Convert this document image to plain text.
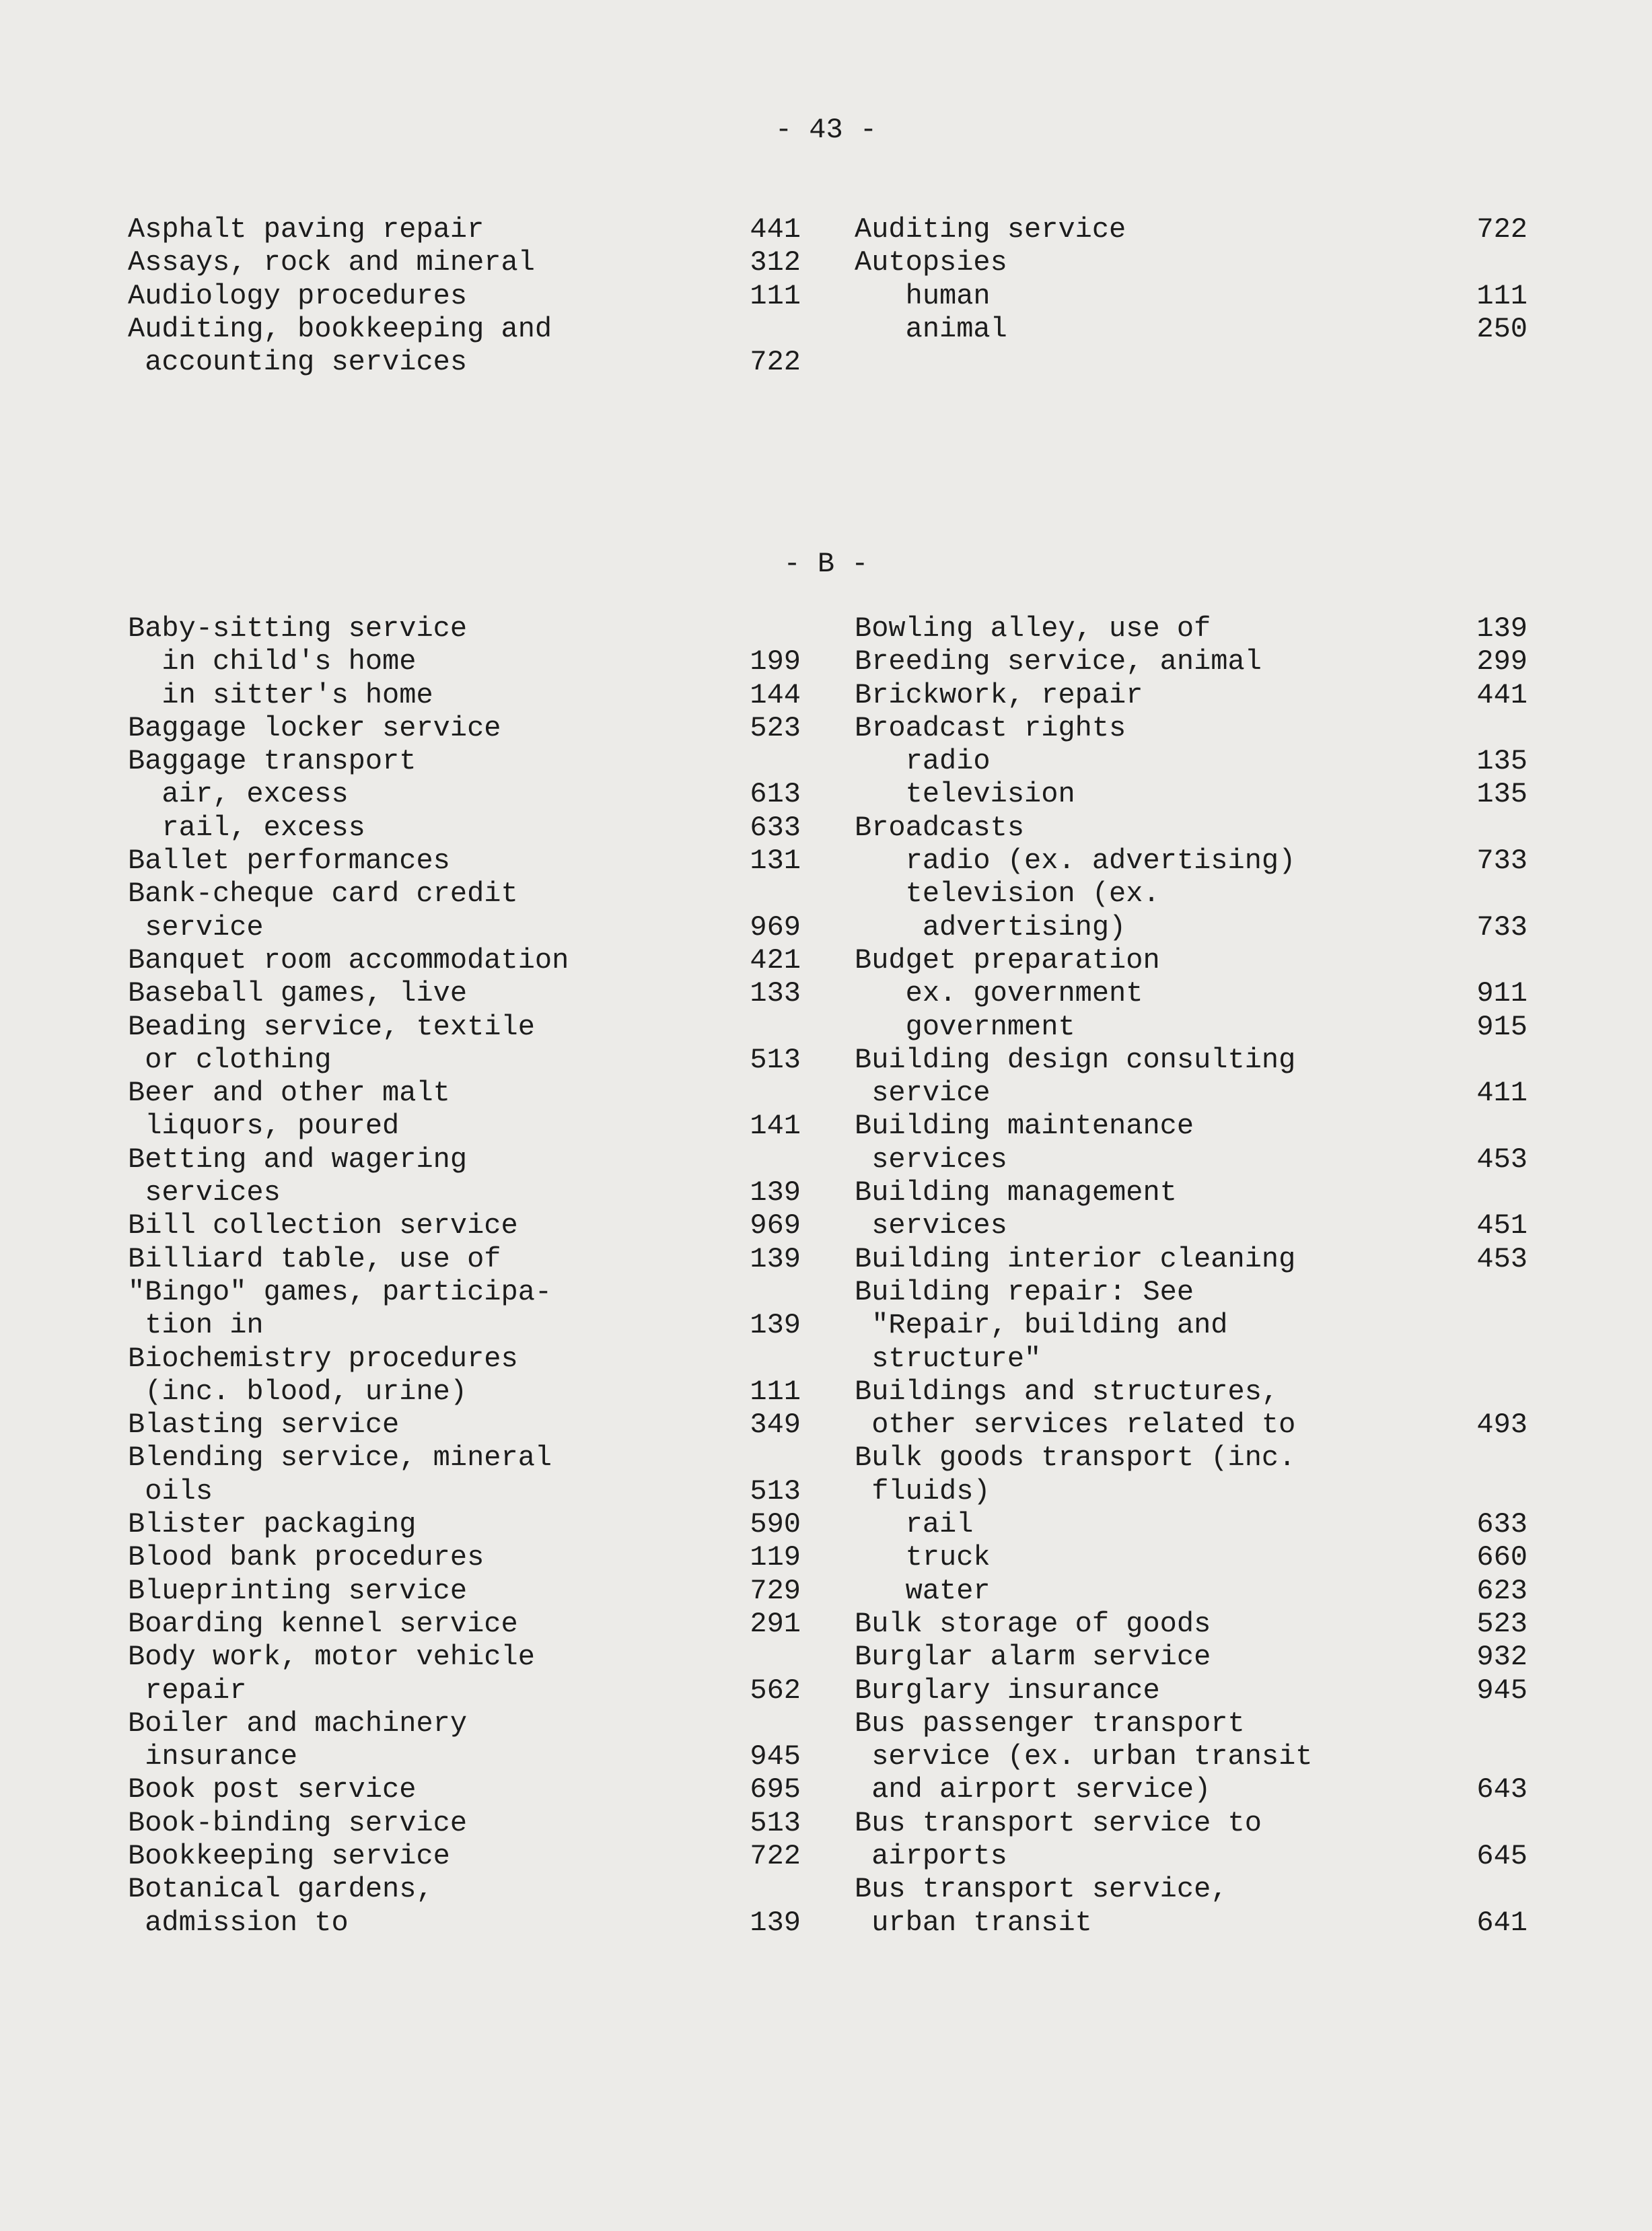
- 43 -
Asphalt paving repair	441
Assays, rock and mineral	312
Audiology procedures	111
Auditing, bookkeeping and
accounting services	722
Auditing service	722
Autopsies
human	111
animal	250
- B -
Baby-sitting service
in child's home	199
in sitter's home	144
Baggage locker service	523
Baggage transport
air, excess	613
rail, excess	633
Ballet performances	131
Bank-cheque card credit
service	969
Banquet room accommodation	421
Baseball games, live	133
Beading service, textile
or clothing	513
Beer and other malt
liquors, poured	141
Betting and wagering
services	139
Bill collection service	969
Billiard table, use of	139
"Bingo" games, participa-
tion in	139
Biochemistry procedures
(inc. blood, urine)	111
Blasting service	349
Blending service, mineral
oils	513
Blister packaging	590
Blood bank procedures	119
Blueprinting service	729
Boarding kennel service	291
Body work, motor vehicle
repair	562
Boiler and machinery
insurance	945
Book post service	695
Book-binding service	513
Bookkeeping service	722
Botanical gardens,
admission to	139
Bowling alley, use of	139
Breeding service, animal	299
Brickwork, repair	441
Broadcast rights
radio	135
television	135
Broadcasts
radio (ex. advertising)	733
television (ex.
advertising)	733
Budget preparation
ex. government	911
government	915
Building design consulting
service	411
Building maintenance
services	453
Building management
services	451
Building interior cleaning	453
Building repair: See
"Repair, building and
structure"
Buildings and structures,
other services related to	493
Bulk goods transport (inc.
fluids)
rail	633
truck	660
water	623
Bulk storage of goods	523
Burglar alarm service	932
Burglary insurance	945
Bus passenger transport
service (ex. urban transit
and airport service)	643
Bus transport service to
airports	645
Bus transport service,
urban transit	641
